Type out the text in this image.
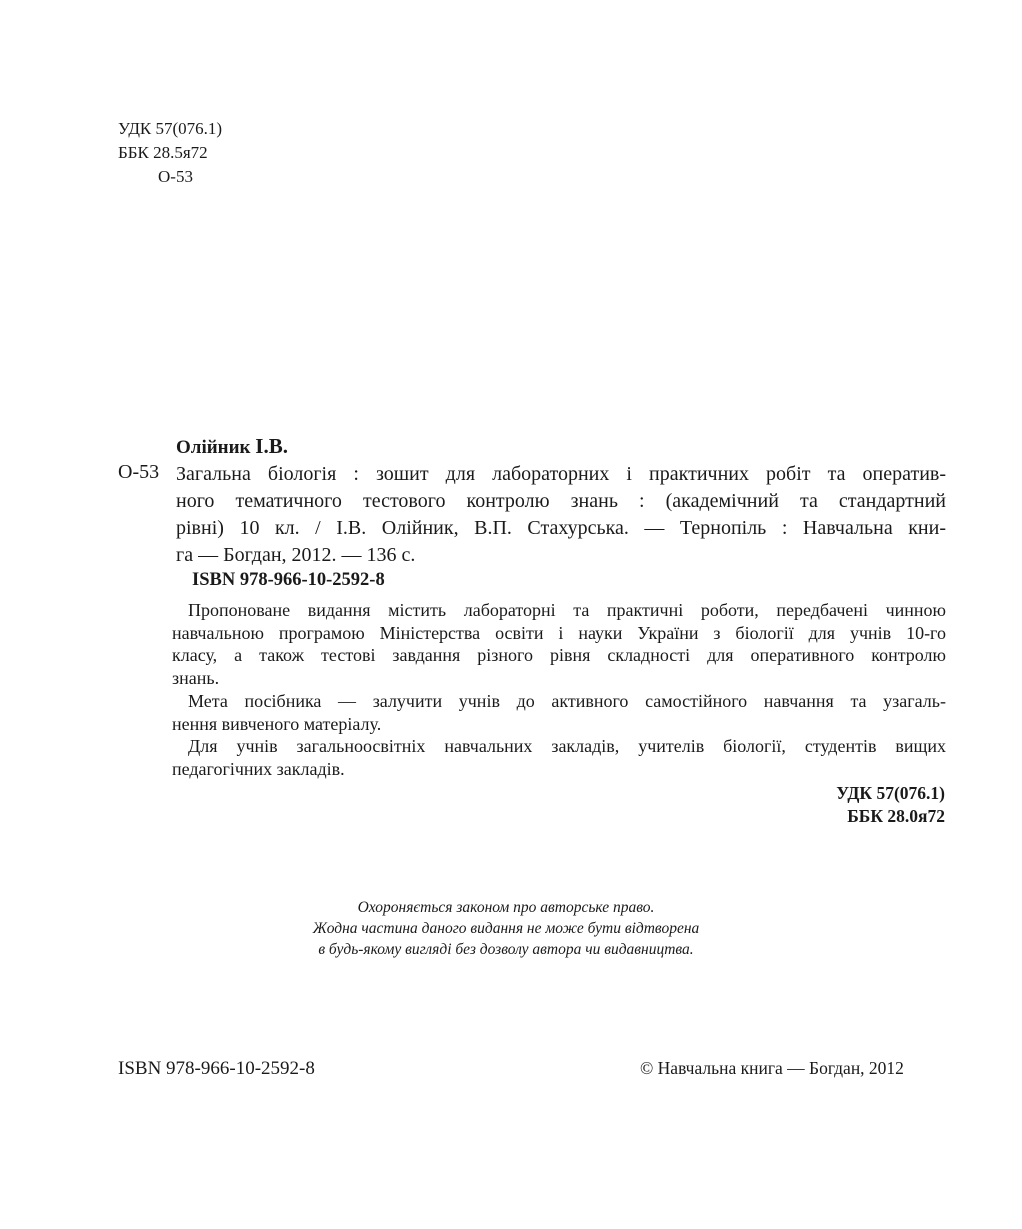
УДК 57(076.1)
ББК 28.5я72
О-53
Олійник І.В.
О-53 Загальна біологія : зошит для лабораторних і практичних робіт та оператив-
ного тематичного тестового контролю знань : (академічний та стандартний
рівні) 10 кл. / І.В. Олійник, В.П. Стахурська. — Тернопіль : Навчальна кни-
га — Богдан, 2012. — 136 с.
ISBN 978-966-10-2592-8
Пропоноване видання містить лабораторні та практичні роботи, передбачені чинною
навчальною програмою Міністерства освіти і науки України з біології для учнів 10-го
класу, а також тестові завдання різного рівня складності для оперативного контролю
знань.
Мета посібника — залучити учнів до активного самостійного навчання та узагаль-
нення вивченого матеріалу.
Для учнів загальноосвітніх навчальних закладів, учителів біології, студентів вищих
педагогічних закладів.
УДК 57(076.1)
ББК 28.0я72
Охороняється законом про авторське право.
Жодна частина даного видання не може бути відтворена
в будь-якому вигляді без дозволу автора чи видавництва.
ISBN 978-966-10-2592-8	© Навчальна книга — Богдан, 2012
